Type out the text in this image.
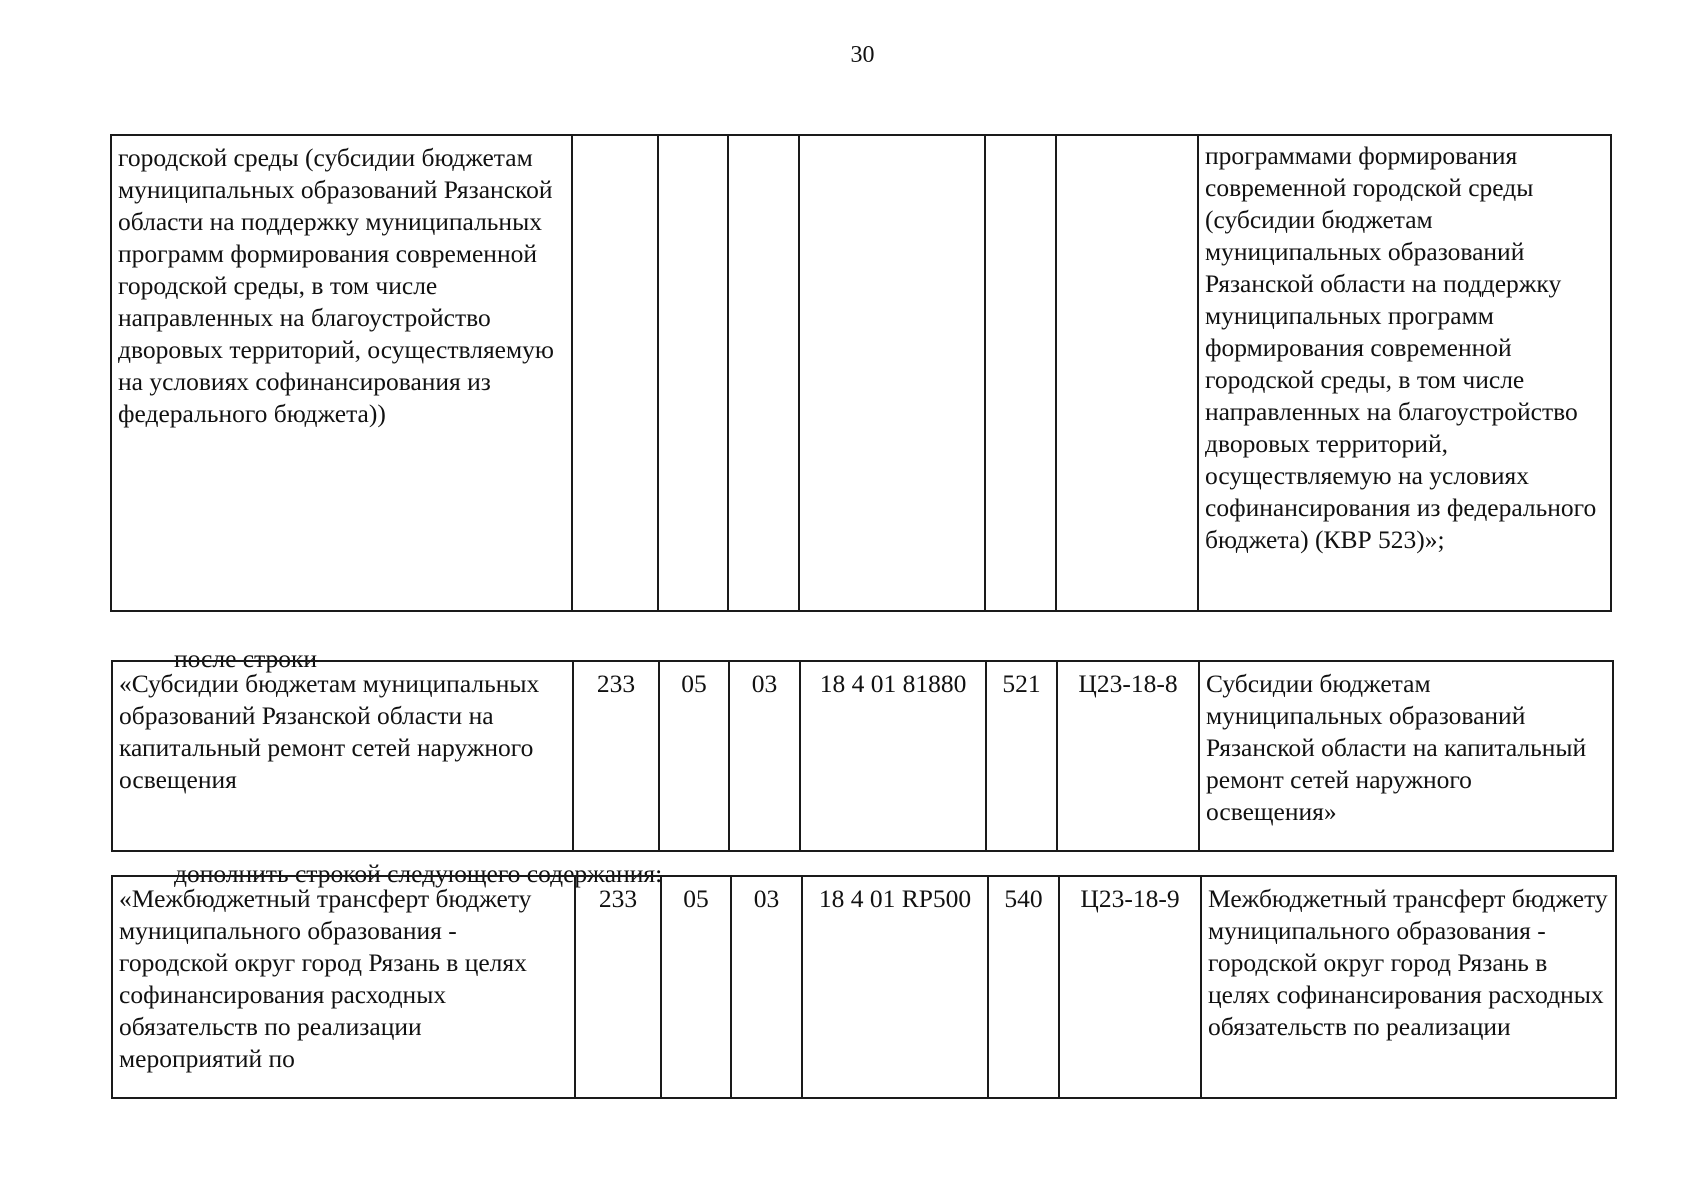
30
городской среды (субсидии бюджетам муниципальных образований Рязанской области на поддержку муниципальных программ формирования современной городской среды, в том числе направленных на благоустройство дворовых территорий, осуществляемую на условиях софинансирования из федерального бюджета))							программами формирования современной городской среды (субсидии бюджетам муниципальных образований Рязанской области на поддержку муниципальных программ формирования современной городской среды, в том числе направленных на благоустройство дворовых территорий, осуществляемую на условиях софинансирования из федерального бюджета) (КВР 523)»;
после строки
«Субсидии бюджетам муниципальных образований Рязанской области на капитальный ремонт сетей наружного освещения	233	05	03	18 4 01 81880	521	Ц23-18-8	Субсидии бюджетам муниципальных образований Рязанской области на капитальный ремонт сетей наружного освещения»
дополнить строкой следующего содержания:
«Межбюджетный трансферт бюджету муниципального образования - городской округ город Рязань в целях софинансирования расходных обязательств по реализации мероприятий по	233	05	03	18 4 01 RP500	540	Ц23-18-9	Межбюджетный трансферт бюджету муниципального образования - городской округ город Рязань в целях софинансирования расходных обязательств по реализации
